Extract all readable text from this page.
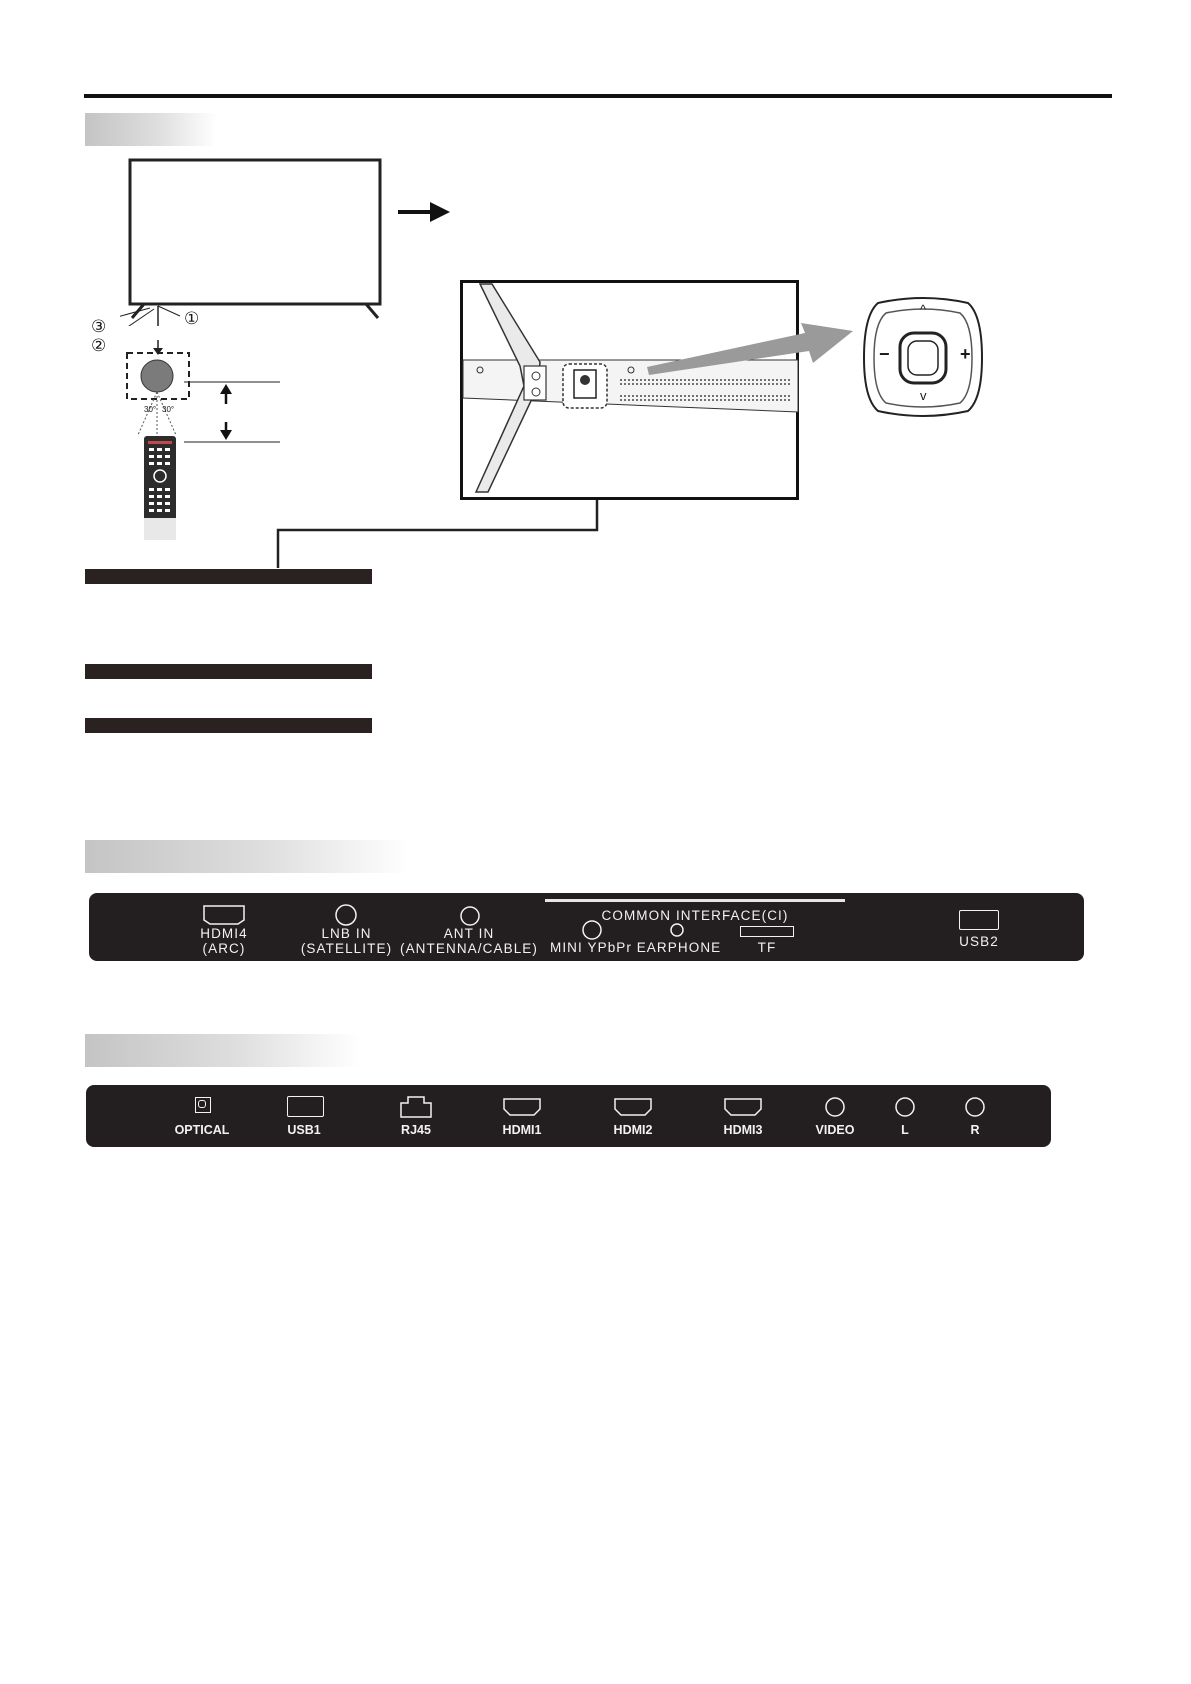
①
③
②
30° 30°
^
v
−	+
COMMON INTERFACE(CI)
HDMI4
(ARC)
LNB IN
(SATELLITE)
ANT IN
(ANTENNA/CABLE) MINI YPbPr EARPHONE	TF	USB2
OPTICAL	USB1	RJ45	HDMI1	HDMI2	HDMI3	VIDEO	L	R
